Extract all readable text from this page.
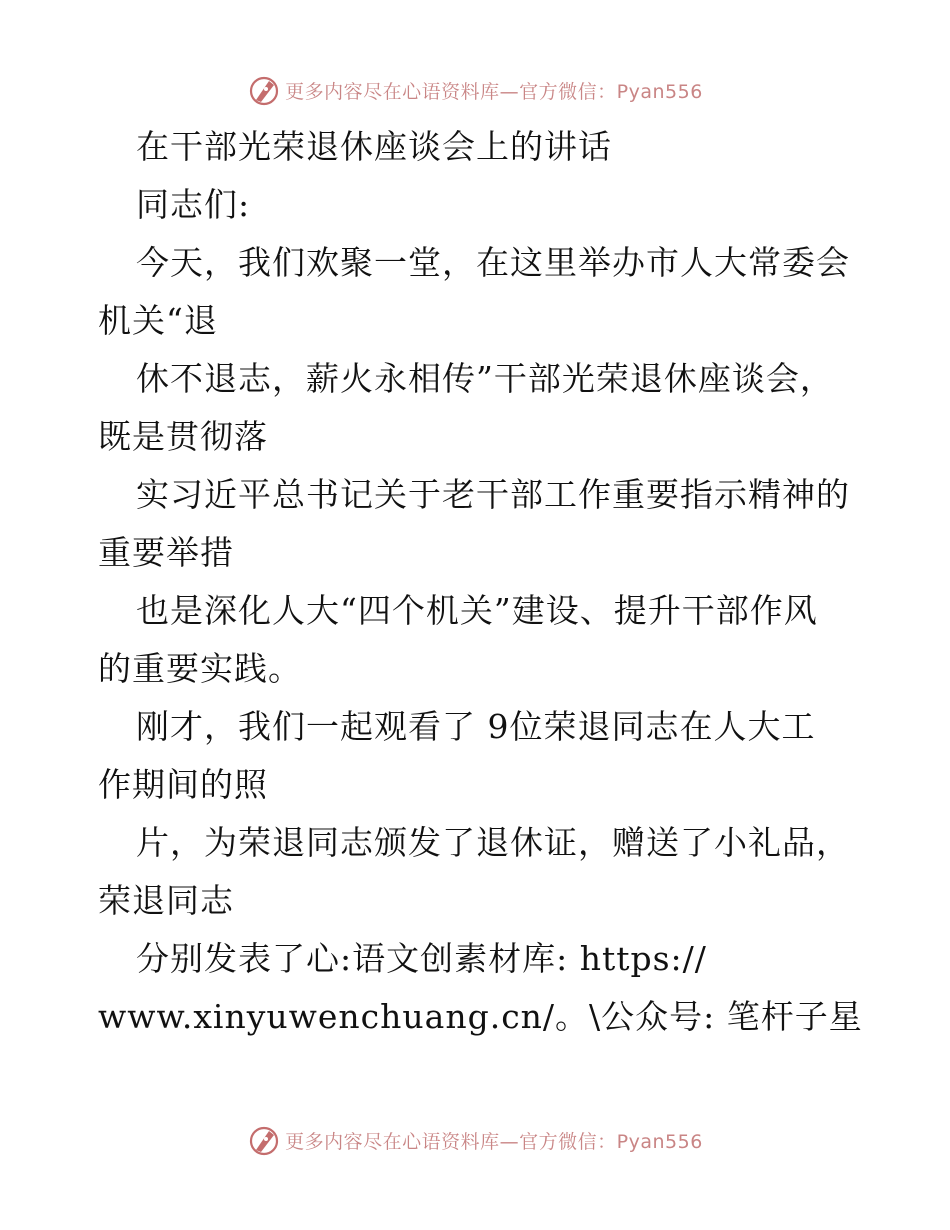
更多内容尽在心语资料库—官方微信：Pyan556
在干部光荣退休座谈会上的讲话
同志们:
今天，我们欢聚一堂，在这里举办市人大常委会
机关“退
休不退志，薪火永相传”干部光荣退休座谈会，
既是贯彻落
实习近平总书记关于老干部工作重要指示精神的
重要举措
也是深化人大“四个机关”建设、提升干部作风
的重要实践。
刚才，我们一起观看了 9位荣退同志在人大工
作期间的照
片，为荣退同志颁发了退休证，赠送了小礼品，
荣退同志
分别发表了心:语文创素材库: https://
www.xinyuwenchuang.cn/。\公众号: 笔杆子星
更多内容尽在心语资料库—官方微信：Pyan556
